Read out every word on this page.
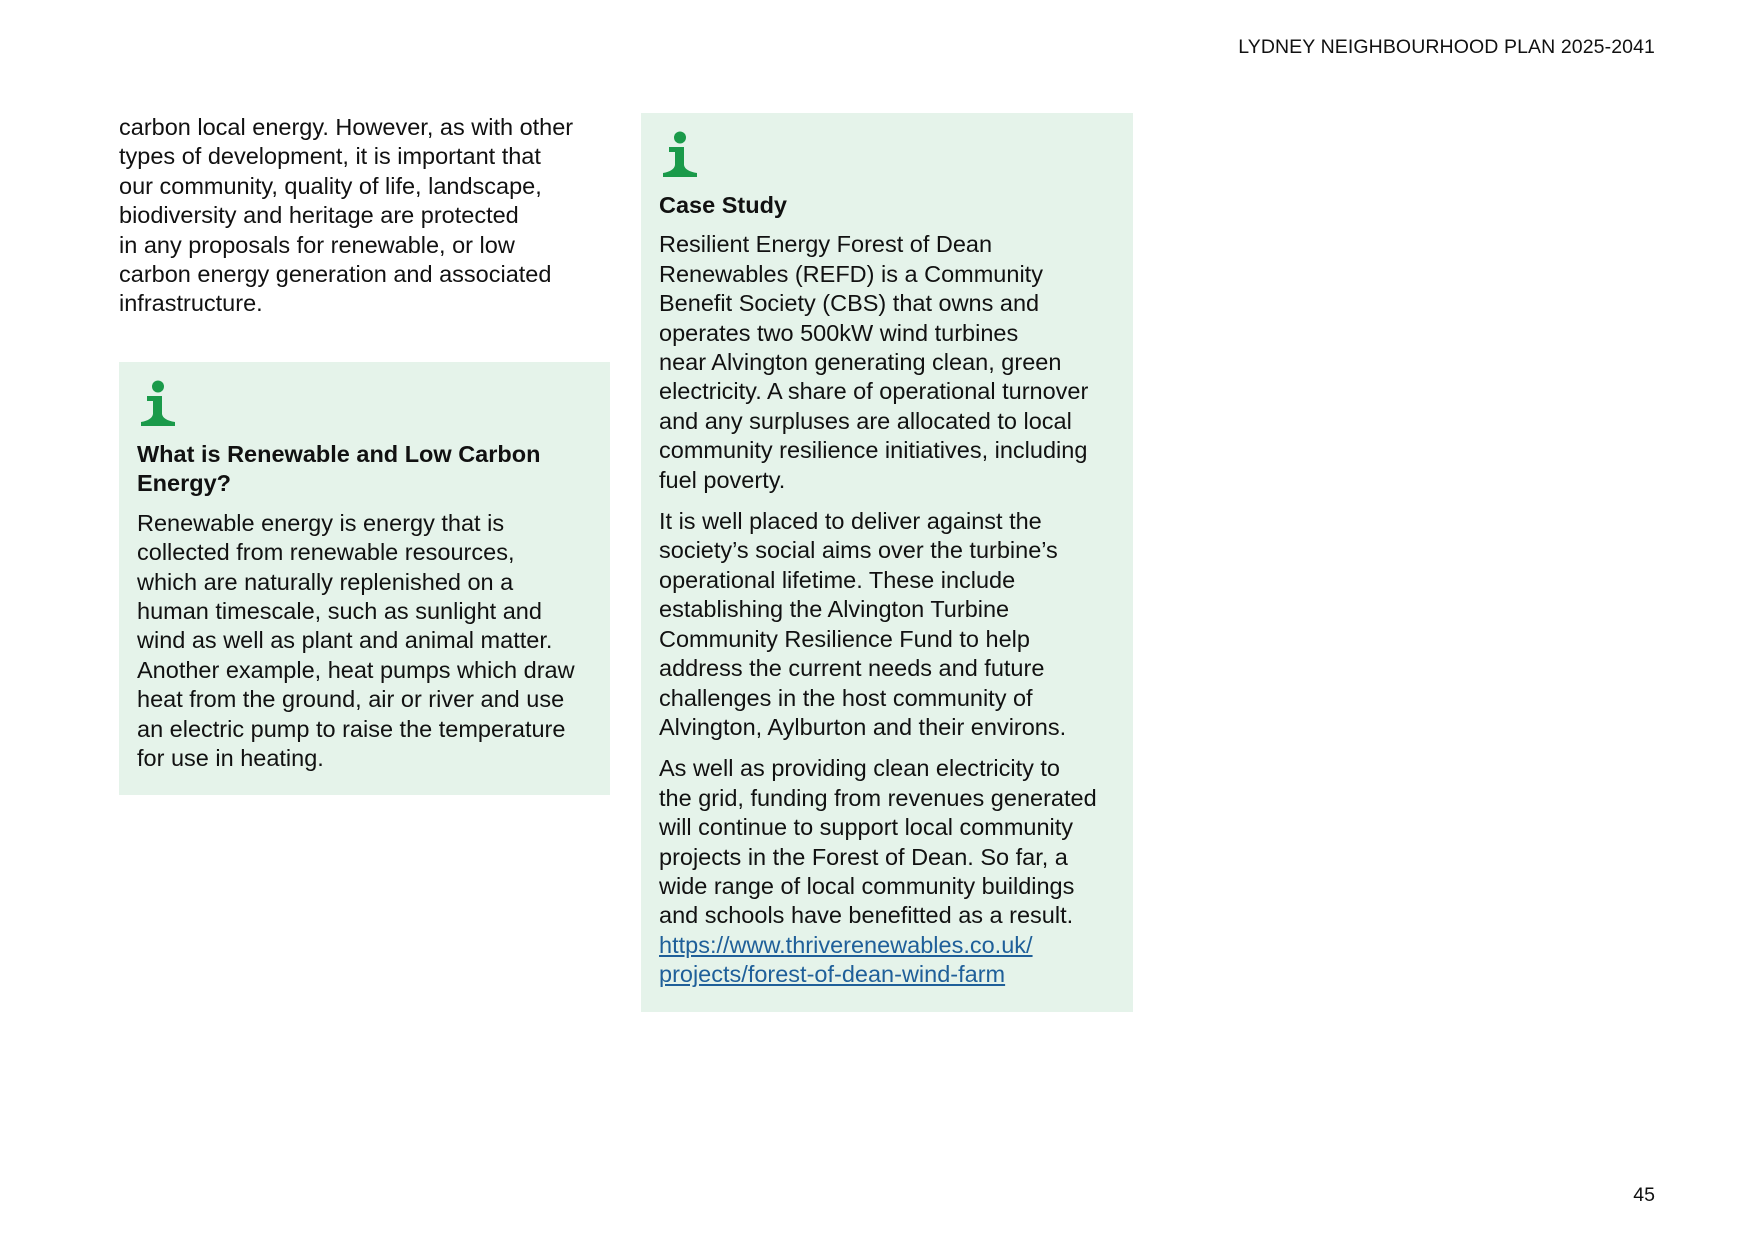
LYDNEY NEIGHBOURHOOD PLAN 2025-2041

carbon local energy. However, as with other
types of development, it is important that
our community, quality of life, landscape,
biodiversity and heritage are protected
in any proposals for renewable, or low
carbon energy generation and associated
infrastructure.

What is Renewable and Low Carbon
Energy?

Renewable energy is energy that is
collected from renewable resources,
which are naturally replenished on a
human timescale, such as sunlight and
wind as well as plant and animal matter.
Another example, heat pumps which draw
heat from the ground, air or river and use
an electric pump to raise the temperature
for use in heating.

Case Study

Resilient Energy Forest of Dean
Renewables (REFD) is a Community
Benefit Society (CBS) that owns and
operates two 500kW wind turbines
near Alvington generating clean, green
electricity. A share of operational turnover
and any surpluses are allocated to local
community resilience initiatives, including
fuel poverty.

It is well placed to deliver against the
society’s social aims over the turbine’s
operational lifetime. These include
establishing the Alvington Turbine
Community Resilience Fund to help
address the current needs and future
challenges in the host community of
Alvington, Aylburton and their environs.

As well as providing clean electricity to
the grid, funding from revenues generated
will continue to support local community
projects in the Forest of Dean. So far, a
wide range of local community buildings
and schools have benefitted as a result.
https://www.thriverenewables.co.uk/
projects/forest-of-dean-wind-farm

45
